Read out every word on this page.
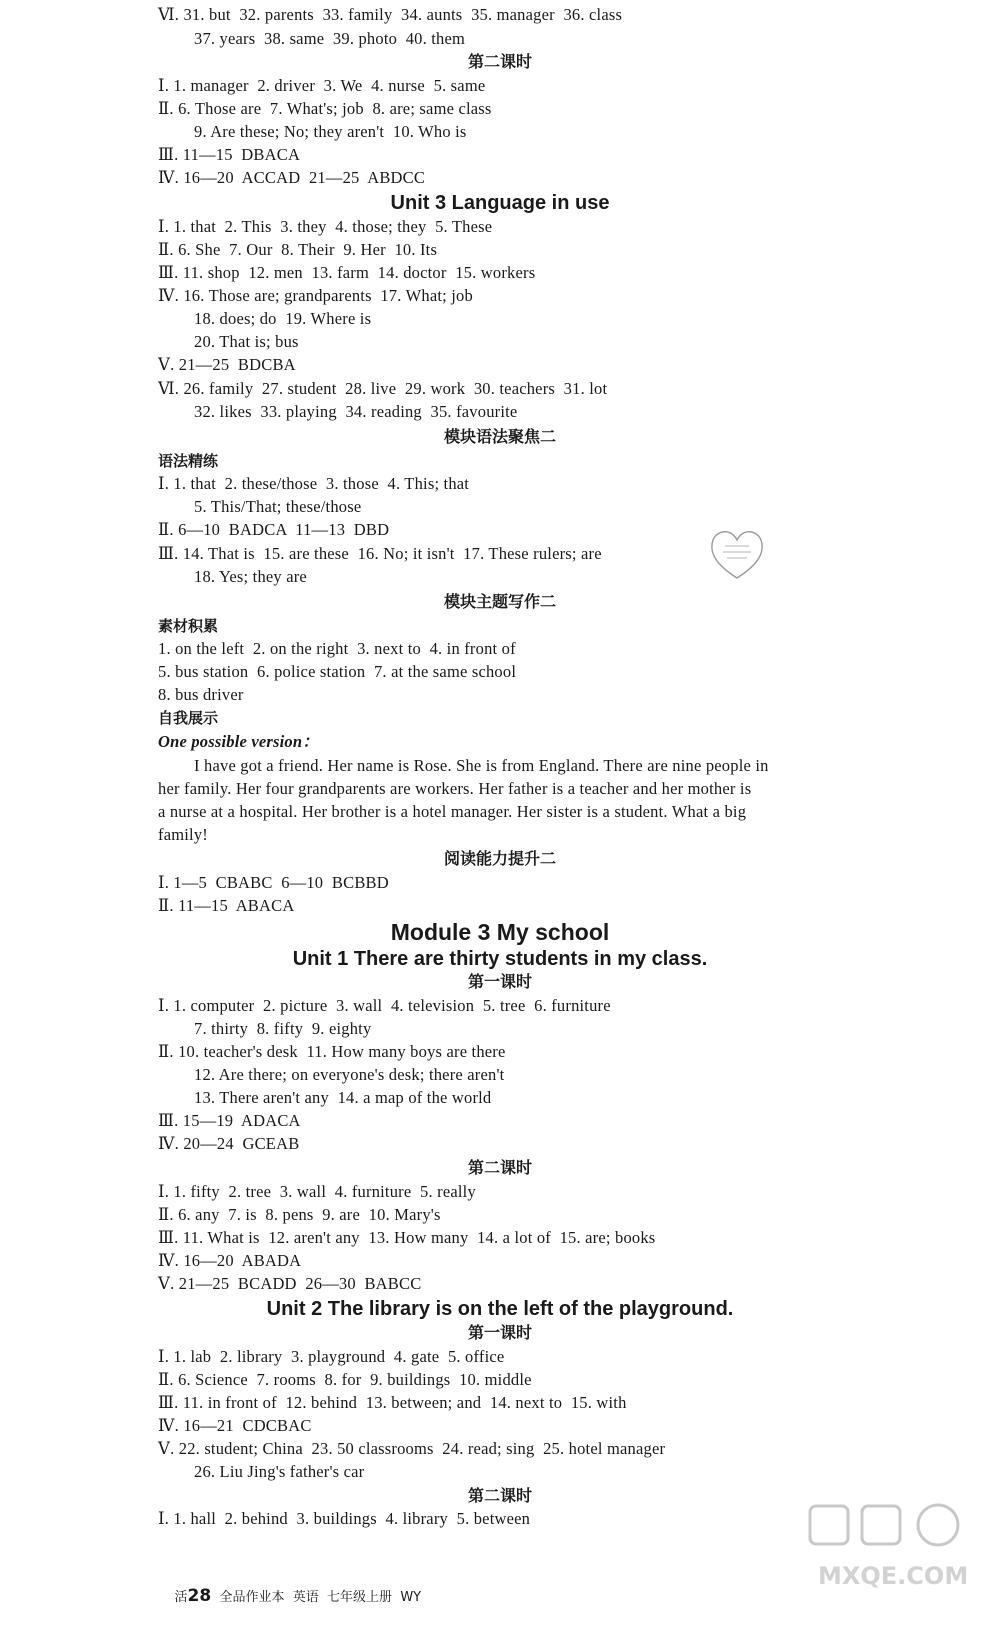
Ⅵ. 31. but  32. parents  33. family  34. aunts  35. manager  36. class
37. years  38. same  39. photo  40. them
第二课时
Ⅰ. 1. manager  2. driver  3. We  4. nurse  5. same
Ⅱ. 6. Those are  7. What's; job  8. are; same class
9. Are these; No; they aren't  10. Who is
Ⅲ. 11—15  DBACA
Ⅳ. 16—20  ACCAD  21—25  ABDCC
Unit 3 Language in use
Ⅰ. 1. that  2. This  3. they  4. those; they  5. These
Ⅱ. 6. She  7. Our  8. Their  9. Her  10. Its
Ⅲ. 11. shop  12. men  13. farm  14. doctor  15. workers
Ⅳ. 16. Those are; grandparents  17. What; job
18. does; do  19. Where is
20. That is; bus
Ⅴ. 21—25  BDCBA
Ⅵ. 26. family  27. student  28. live  29. work  30. teachers  31. lot
32. likes  33. playing  34. reading  35. favourite
模块语法聚焦二
语法精练
Ⅰ. 1. that  2. these/those  3. those  4. This; that
5. This/That; these/those
Ⅱ. 6—10  BADCA  11—13  DBD
Ⅲ. 14. That is  15. are these  16. No; it isn't  17. These rulers; are
18. Yes; they are
模块主题写作二
素材积累
1. on the left  2. on the right  3. next to  4. in front of
5. bus station  6. police station  7. at the same school
8. bus driver
自我展示
One possible version：
I have got a friend. Her name is Rose. She is from England. There are nine people in
her family. Her four grandparents are workers. Her father is a teacher and her mother is
a nurse at a hospital. Her brother is a hotel manager. Her sister is a student. What a big
family!
阅读能力提升二
Ⅰ. 1—5  CBABC  6—10  BCBBD
Ⅱ. 11—15  ABACA
Module 3 My school
Unit 1 There are thirty students in my class.
第一课时
Ⅰ. 1. computer  2. picture  3. wall  4. television  5. tree  6. furniture
7. thirty  8. fifty  9. eighty
Ⅱ. 10. teacher's desk  11. How many boys are there
12. Are there; on everyone's desk; there aren't
13. There aren't any  14. a map of the world
Ⅲ. 15—19  ADACA
Ⅳ. 20—24  GCEAB
第二课时
Ⅰ. 1. fifty  2. tree  3. wall  4. furniture  5. really
Ⅱ. 6. any  7. is  8. pens  9. are  10. Mary's
Ⅲ. 11. What is  12. aren't any  13. How many  14. a lot of  15. are; books
Ⅳ. 16—20  ABADA
Ⅴ. 21—25  BCADD  26—30  BABCC
Unit 2 The library is on the left of the playground.
第一课时
Ⅰ. 1. lab  2. library  3. playground  4. gate  5. office
Ⅱ. 6. Science  7. rooms  8. for  9. buildings  10. middle
Ⅲ. 11. in front of  12. behind  13. between; and  14. next to  15. with
Ⅳ. 16—21  CDCBAC
Ⅴ. 22. student; China  23. 50 classrooms  24. read; sing  25. hotel manager
26. Liu Jing's father's car
第二课时
Ⅰ. 1. hall  2. behind  3. buildings  4. library  5. between
MXQE.COM

活28 全品作业本 英语 七年级上册 WY
